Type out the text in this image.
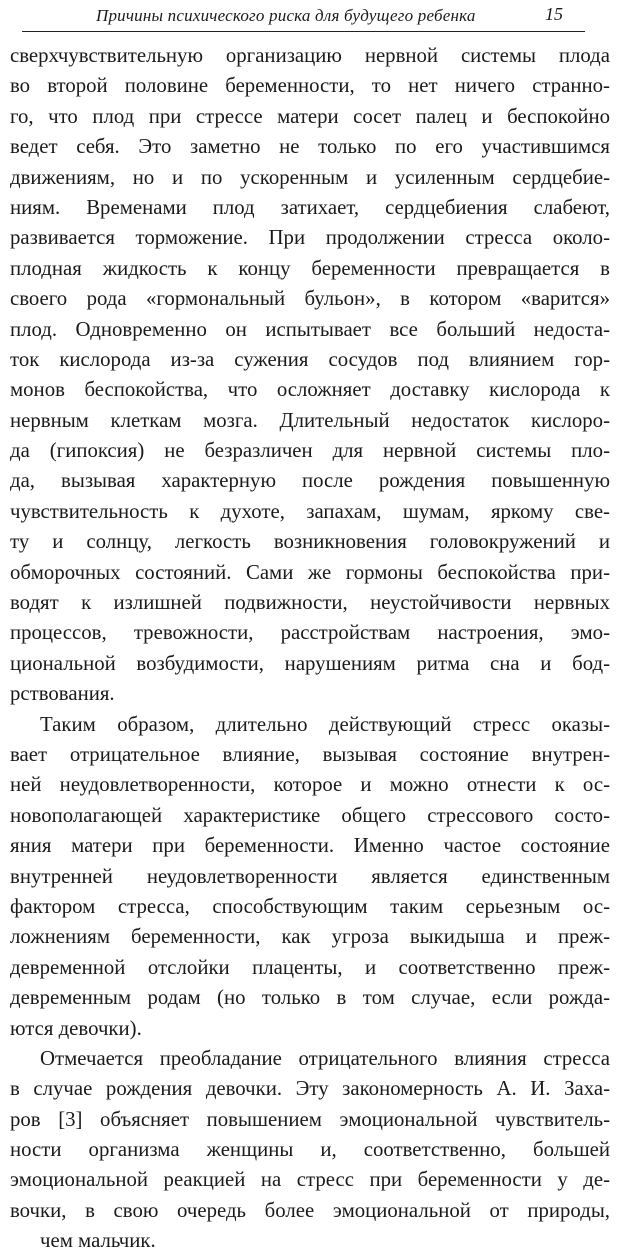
Причины психического риска для будущего ребенка	15
сверхчувствительную организацию нервной системы плода
во второй половине беременности, то нет ничего странно-
го, что плод при стрессе матери сосет палец и беспокойно
ведет себя. Это заметно не только по его участившимся
движениям, но и по ускоренным и усиленным сердцебие-
ниям. Временами плод затихает, сердцебиения слабеют,
развивается торможение. При продолжении стресса около-
плодная жидкость к концу беременности превращается в
своего рода «гормональный бульон», в котором «варится»
плод. Одновременно он испытывает все больший недоста-
ток кислорода из-за сужения сосудов под влиянием гор-
монов беспокойства, что осложняет доставку кислорода к
нервным клеткам мозга. Длительный недостаток кислоро-
да (гипоксия) не безразличен для нервной системы пло-
да, вызывая характерную после рождения повышенную
чувствительность к духоте, запахам, шумам, яркому све-
ту и солнцу, легкость возникновения головокружений и
обморочных состояний. Сами же гормоны беспокойства при-
водят к излишней подвижности, неустойчивости нервных
процессов, тревожности, расстройствам настроения, эмо-
циональной возбудимости, нарушениям ритма сна и бод-
рствования.
Таким образом, длительно действующий стресс оказы-
вает отрицательное влияние, вызывая состояние внутрен-
ней неудовлетворенности, которое и можно отнести к ос-
новополагающей характеристике общего стрессового состо-
яния матери при беременности. Именно частое состояние
внутренней неудовлетворенности является единственным
фактором стресса, способствующим таким серьезным ос-
ложнениям беременности, как угроза выкидыша и преж-
девременной отслойки плаценты, и соответственно преж-
девременным родам (но только в том случае, если рожда-
ются девочки).
Отмечается преобладание отрицательного влияния стресса
в случае рождения девочки. Эту закономерность А. И. Заха-
ров [3] объясняет повышением эмоциональной чувствитель-
ности организма женщины и, соответственно, большей
эмоциональной реакцией на стресс при беременности у де-
вочки, в свою очередь более эмоциональной от природы,
чем мальчик.
